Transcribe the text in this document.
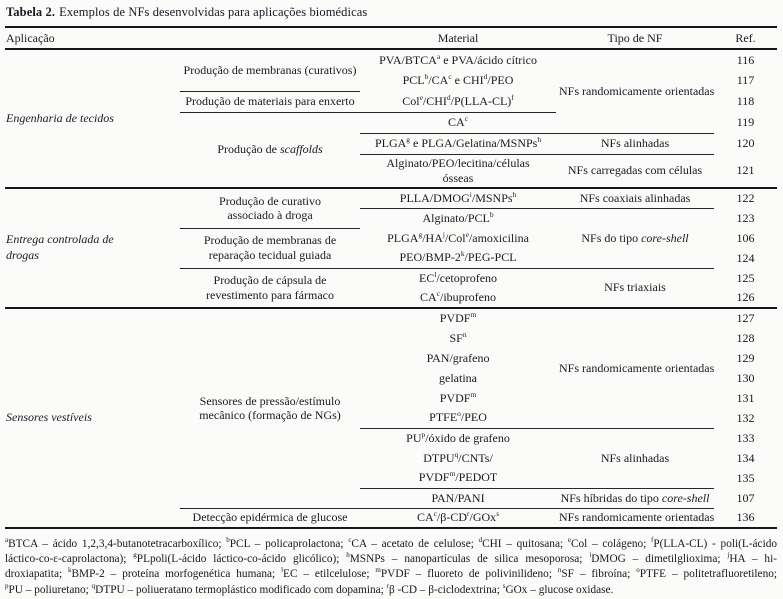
Tabela 2. Exemplos de NFs desenvolvidas para aplicações biomédicas
Aplicação		Material	Tipo de NF	Ref.
Engenharia de tecidos	Produção de membranas (curativos)	PVA/BTCA$^a$ e PVA/ácido cítrico	NFs randomicamente orientadas	116
		$PCL^b/CA^c$ e CHI$^d$/PEO		117
	Produção de materiais para enxerto	$Col^e/CHI^d/P(LLA-CL)^f$		118
	Produção de scaffolds	$CA^c$		119
		PLGA$^g$ e PLGA/Gelatina/MSNPs$^h$	NFs alinhadas	120
		Alginato/PEO/lecitina/células ósseas	NFs carregadas com células	121
Entrega controlada de drogas	Produção de curativo associado à droga	PLLA/DMOG$^i$/MSNPs$^h$	NFs coaxiais alinhadas	122
		Alginato/PCL$^b$	NFs do tipo core-shell	123
	Produção de membranas de reparação tecidual guiada	$PLGA^g/HA^j/Col^e$/amoxicilina		106
		PEO/BMP-2$^k$/PEG-PCL		124
	Produção de cápsula de revestimento para fármaco	$EC^l$/cetoprofeno	NFs triaxiais	125
		$CA^c$/ibuprofeno		126
Sensores vestíveis	Sensores de pressão/estímulo mecânico (formação de NGs)	PVDF$^m$	NFs randomicamente orientadas	127
		$SF^n$		128
		PAN/grafeno		129
		gelatina		130
		PVDF$^m$		131
		PTFE$^o$/PEO		132
		$PU^p$/óxido de grafeno	NFs alinhadas	133
		DTPU$^q$/CNTs/		134
		PVDF$^m$/PEDOT		135
		PAN/PANI	NFs híbridas do tipo core-shell	107
	Detecção epidérmica de glucose	$CA^c/\beta-CD^r/GOx^s$	NFs randomicamente orientadas	136
$^a$BTCA – ácido 1,2,3,4-butanotetracarboxílico; $^b$PCL – policaprolactona; $^c$CA – acetato de celulose; $^d$CHI – quitosana; $^e$Col – colágeno; $^f$P(LLA-CL) - poli(L-ácido
láctico-co-ε-caprolactona); $^g$PLpoli(L-ácido láctico-co-ácido glicólico); $^h$MSNPs – nanopartículas de silica mesoporosa; $^i$DMOG – dimetilglioxima; $^j$HA – hi-
droxiapatita; $^k$BMP-2 – proteína morfogenética humana; $^l$EC – etilcelulose; $^m$PVDF – fluoreto de polivinilideno; $^n$SF – fibroína; $^o$PTFE – politetrafluoretileno;
$^p$PU – poliuretano; $^q$DTPU – poliueratano termoplástico modificado com dopamina; $^r$β -CD – β-ciclodextrina; $^s$GOx – glucose oxidase.
